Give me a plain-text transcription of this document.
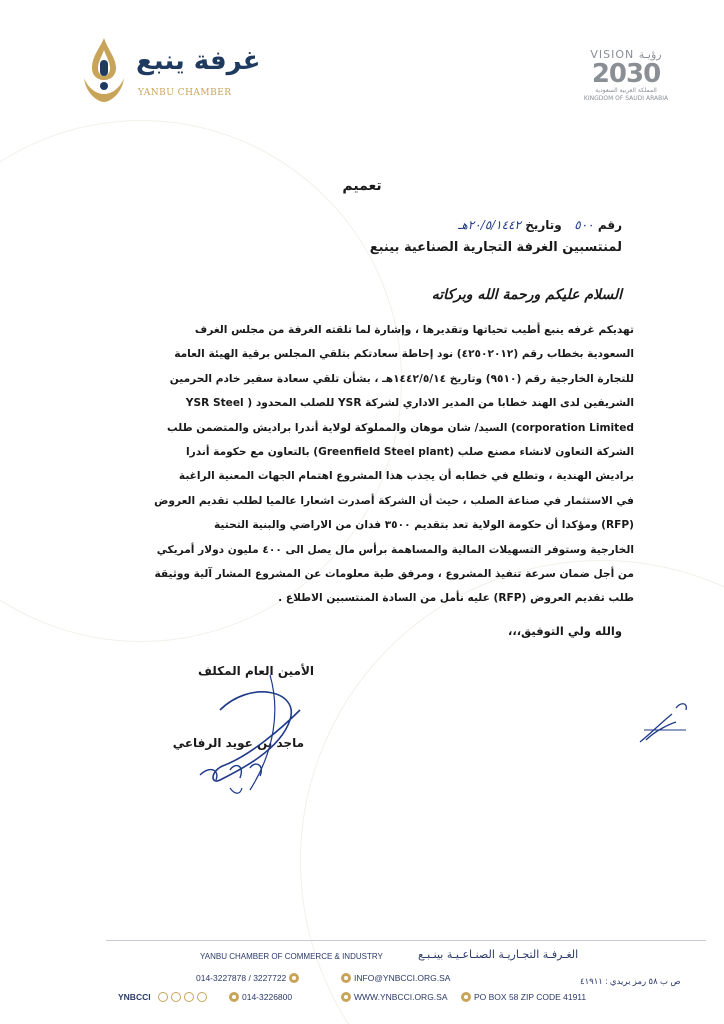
غرفة ينبع
YANBU CHAMBER
VISION رؤيـة
2030
المملكة العربية السعودية
KINGDOM OF SAUDI ARABIA
تعميم
رقم ٥٠٠   وتاريخ ٢٠/٥/١٤٤٢هـ
لمنتسبين الغرفة التجارية الصناعية بينبع
السلام عليكم ورحمة الله وبركاته
تهديكم غرفه ينبع أطيب تحياتها وتقديرها ، وإشارة لما تلقته الغرفة من مجلس الغرف
السعودية بخطاب رقم (٤٢٥٠٢٠١٢) نود إحاطة سعادتكم بتلقي المجلس برقية الهيئة العامة
للتجارة الخارجية رقم (٩٥١٠) وتاريخ ١٤٤٢/٥/١٤هـ ، بشأن تلقي سعادة سفير خادم الحرمين
الشريفين لدى الهند خطابا من المدير الاداري لشركة YSR للصلب المحدود ( YSR Steel
corporation Limited) السيد/ شان موهان والمملوكة لولاية أندرا براديش والمتضمن طلب
الشركة التعاون لانشاء مصنع صلب (Greenfield Steel plant) بالتعاون مع حكومة أندرا
براديش الهندية ، وتطلع في خطابه أن يجذب هذا المشروع اهتمام الجهات المعنية الراغبة
في الاستثمار في صناعة الصلب ، حيث أن الشركة أصدرت اشعارا عالميا لطلب تقديم العروض
(RFP) ومؤكدا أن حكومة الولاية تعد بتقديم ٣٥٠٠ فدان من الاراضي والبنية التحتية
الخارجية وستوفر التسهيلات المالية والمساهمة برأس مال يصل الى ٤٠٠ مليون دولار أمريكي
من أجل ضمان سرعة تنفيذ المشروع ، ومرفق طية معلومات عن المشروع المشار آلية ووثيقة
طلب تقديم العروض (RFP) عليه نأمل من السادة المنتسبين الاطلاع .
والله ولي التوفيق،،،
الأمين العام المكلف
ماجد بن عويد الرفاعي
YANBU CHAMBER OF COMMERCE & INDUSTRY	الغـرفـة التجـاريـة الصنـاعـيـة بينـبـع
014-3227878 / 3227722	INFO@YNBCCI.ORG.SA	ص ب ٥٨ رمز بريدي : ٤١٩١١
YNBCCI	014-3226800	WWW.YNBCCI.ORG.SA	PO BOX 58 ZIP CODE 41911
